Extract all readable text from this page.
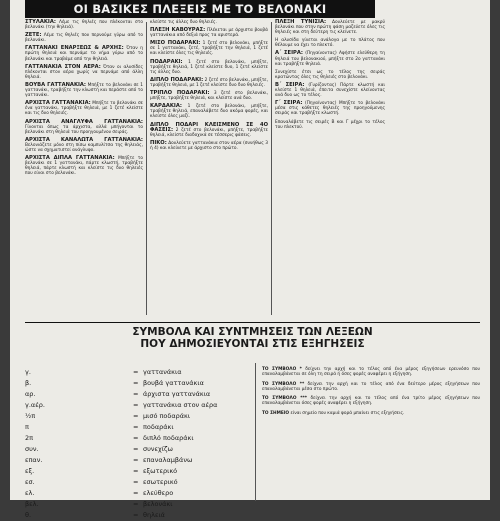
ΟΙ ΒΑΣΙΚΕΣ ΠΛΕΞΕΙΣ ΜΕ ΤΟ ΒΕΛΟΝΑΚΙ

ΣΤΥΛΑΚΙΑ: Λέμε τις θηλιές που πλέκονται στο βελονάκι (την θηλειά).

ΖΕΤΕ: Λέμε τις θηλιές που περνούμε γύρω από το βελονάκι.

ΓΑΤΤΑΝΑΚΙ ΕΝΑΡΞΕΩΣ & ΑΡΧΗΣ: Όταν η πρώτη θηλειά και περνάμε το νήμα γύρω από το βελονάκι και τραβάμε από την θηλειά.

ΓΑΤΤΑΝΑΚΙΑ ΣΤΟΝ ΑΕΡΑ: Όταν οι αλυσίδες πλέκονται στον αέρα χωρίς να περνάμε από άλλη θηλειά.

ΒΟΥΒΑ ΓΑΤΤΑΝΑΚΙΑ: Μπήξτε το βελονάκι σε 1 γαττανάκι, τραβήξτε την κλωστή και περάστε από το γαττανάκι.

ΑΡΧΙΣΤΑ ΓΑΤΤΑΝΑΚΙΑ: Μπήξτε το βελονάκι σε ένα γαττανάκι, τραβήξτε θηλειά, με 1 ζετέ κλείστε και τις δυο θηλειές.

ΑΡΧΙΣΤΑ ΑΝΑΓΛΥΦΑ ΓΑΤΤΑΝΑΚΙΑ: Γίνονται όπως τα άρχιστα, αλλά μπήγονται το βελονάκι στη θηλειά του πρoηγουμένου σειράς.

ΑΡΧΙΣΤΑ ΚΑΝΑΛΩΤΑ ΓΑΤΤΑΝΑΚΙΑ: Βελονιάζετε μόνο στη πίσω καμπυλίτσα της θηλειάς, ώστε να σχηματιστεί ανάγλυφο.

ΑΡΧΙΣΤΑ ΔΙΠΛΑ ΓΑΤΤΑΝΑΚΙΑ: Μπήξτε το βελονάκι σε 1 γαττανάκι, πάρτε κλωστή, τραβήξτε θηλειά, πάρτε κλωστή και κλείστε τις δυο θηλειές που είναι στο βελονάκι.

κλείστε τις άλλες δυο θηλειές.

ΠΛΕΞΗ ΚΑΒΟΥΡΑΣ: Πλέκεται με άρχιστα βουβά γαττανάκια από δεξιά προς τα αριστερά.

ΜΙΣΟ ΠΟΔΑΡΑΚΙ: 1 ζετέ στο βελονάκι, μπήξτε σε 1 γαττανάκι, ζετέ, τραβήξτε την θηλειά, 1 ζετέ και κλείστε όλες τις θηλειές.

ΠΟΔΑΡΑΚΙ: 1 ζετέ στο βελονάκι, μπήξτε, τραβήξτε θηλειά, 1 ζετέ κλείστε δυο, 1 ζετέ κλείστε τις άλλες δυο.

ΔΙΠΛΟ ΠΟΔΑΡΑΚΙ: 2 ζετέ στο βελονάκι, μπήξτε, τραβήξτε θηλειά, με 1 ζετέ κλείστε δυο δυο θηλειές.

ΤΡΙΠΛΟ ΠΟΔΑΡΑΚΙ: 3 ζετέ στο βελονάκι, μπήξτε, τραβήξτε θηλειά, και κλείστε ανά δυο.

ΚΑΡΔΑΚΙΑ: 1 ζετέ στο βελονάκι, μπήξτε, τραβήξτε θηλειά, επαναλάβετε δυο ακόμα φορές, και κλείστε όλες μαζί.

ΔΙΠΛΟ ΠΟΔΑΡΙ ΚΛΕΙΣΜΕΝΟ ΣΕ 4Ο ΦΑΣΕΙΣ: 2 ζετέ στο βελονάκι, μπήξτε, τραβήξτε θηλειά, κλείστε διαδοχικά σε τέσσερις φάσεις.

ΠΙΚΟ: Δουλεύετε γαττανάκια στον αέρα (συνήθως 3 ή 4) και κλείνετε με άρχιστο στο πρώτο.

ΠΛΕΞΗ ΤΥΝΙΣΙΑ: Δουλεύετε με μακρύ βελονάκι που στην πρώτη φάση μαζεύετε όλες τις θηλειές και στη δεύτερη τις κλείνετε.

Η αλυσίδα γίνεται ανάλογα με το πλάτος που θέλουμε να έχει το πλεκτό.

Α΄ ΣΕΙΡΑ: (Πηγαίνοντας) Αφήστε ελεύθερη τη θηλειά του βελονακιού, μπήξτε στο 2ο γαττανάκι και τραβήξτε θηλειά.

Συνεχίστε έτσι ως το τέλος της σειράς κρατώντας όλες τις θηλειές στο βελονάκι.

Β΄ ΣΕΙΡΑ: (Γυρίζοντας) Πάρτε κλωστή και κλείστε 1 θηλειά, έπειτα συνεχίστε κλείνοντας ανά δυο ως το τέλος.

Γ΄ ΣΕΙΡΑ: (Πηγαίνοντας) Μπήξτε το βελονάκι μέσα στις κάθετες θηλειές της προηγούμενης σειράς και τραβήξτε κλωστή.

Επαναλάβετε τις σειρές Β και Γ μέχρι το τέλος του πλεκτού.

ΣΥΜΒΟΛΑ ΚΑΙ ΣΥΝΤΜΗΣΕΙΣ ΤΩΝ ΛΕΞΕΩΝ
ΠΟΥ ΔΗΜΟΣΙΕΥΟΝΤΑΙ ΣΤΙΣ ΕΞΗΓΗΣΕΙΣ
γ.	= γαττανάκια
β.	= βουβά γαττανάκια
αρ.	= άρχιστα γαττανάκια
γ.αέρ.	= γαττανάκια στον αέρα
½π	= μισό ποδαράκι
π	= ποδαράκι
2π	= διπλό ποδαράκι
συν.	= συνεχίζω
επαν.	= επαναλαμβάνω
εξ.	= εξωτερικό
εσ.	= εσωτερικό
ελ.	= ελεύθερο
βελ.	= βελονάκι
θ.	= θηλειά

ΤΟ ΣΥΜΒΟΛΟ * δείχνει την αρχή και το τέλος από ένα μέρος εξηγήσεων ερευνόσο που επαναλαμβάνεται σε όλη τη σειρά ή όσες φορές αναφέρει η εξήγηση.

ΤΟ ΣΥΜΒΟΛΟ ** δείχνει την αρχή και το τέλος από ένα δεύτερο μέρος εξηγήσεων που επαναλαμβάνεται μέσα στο πρώτο.

ΤΟ ΣΥΜΒΟΛΟ *** δείχνει την αρχή και το τέλος από ένα τρίτο μέρος εξηγήσεων που επαναλαμβάνεται όσες φορές αναφέρει η εξήγηση.

ΤΟ ΣΗΜΕΙΟ είναι σημείο που καμιά φορά μπαίνει στις εξηγήσεις.
